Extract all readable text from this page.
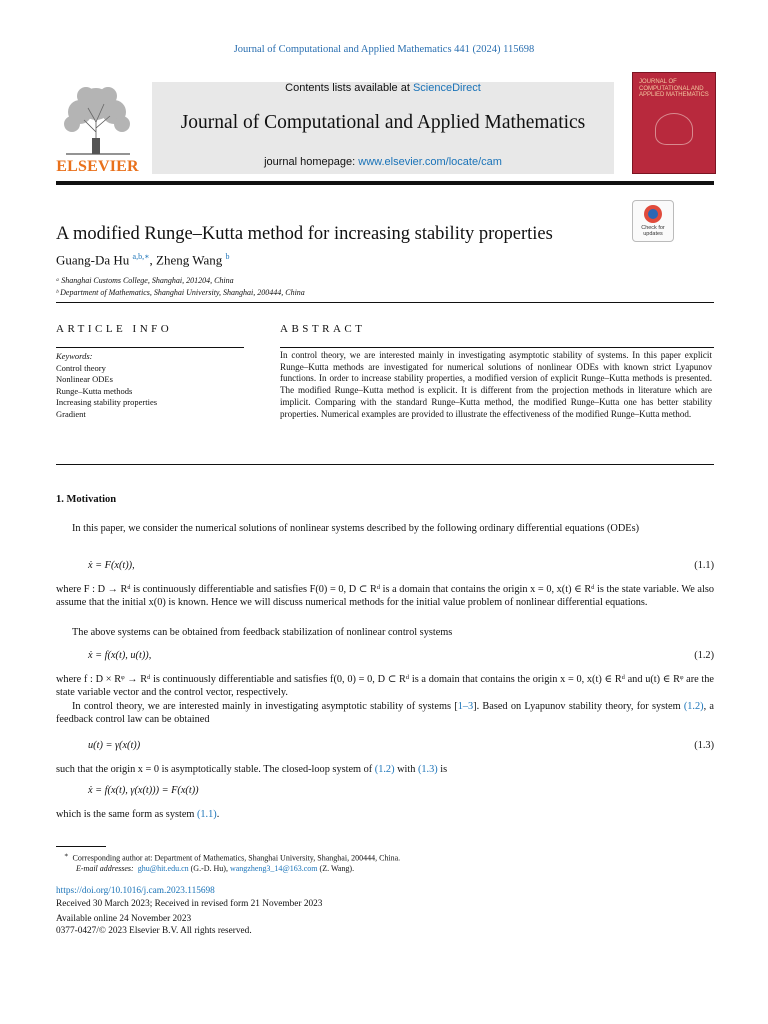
Journal of Computational and Applied Mathematics 441 (2024) 115698
ELSEVIER
Contents lists available at ScienceDirect
Journal of Computational and Applied Mathematics
journal homepage: www.elsevier.com/locate/cam
JOURNAL OF COMPUTATIONAL AND APPLIED MATHEMATICS
A modified Runge–Kutta method for increasing stability properties	Check for updates
Guang-Da Hu $^{a,b,∗}$, Zheng Wang $^b$
ᵃ Shanghai Customs College, Shanghai, 201204, China
ᵇ Department of Mathematics, Shanghai University, Shanghai, 200444, China
ARTICLE INFO
Keywords:
Control theory
Nonlinear ODEs
Runge–Kutta methods
Increasing stability properties
Gradient
ABSTRACT
In control theory, we are interested mainly in investigating asymptotic stability of systems. In this paper explicit Runge–Kutta methods are investigated for numerical solutions of nonlinear ODEs with known strict Lyapunov functions. In order to increase stability properties, a modified version of explicit Runge–Kutta methods is presented. The modified Runge–Kutta method is explicit. It is different from the projection methods in literature which are implicit. Comparing with the standard Runge–Kutta method, the modified Runge–Kutta one has better stability properties. Numerical examples are provided to illustrate the effectiveness of the modified Runge–Kutta method.
1. Motivation
In this paper, we consider the numerical solutions of nonlinear systems described by the following ordinary differential equations (ODEs)
ẋ = F(x(t)),	(1.1)
where F : D → Rᵈ is continuously differentiable and satisfies F(0) = 0, D ⊂ Rᵈ is a domain that contains the origin x = 0, x(t) ∈ Rᵈ is the state variable. We also assume that the initial x(0) is known. Hence we will discuss numerical methods for the initial value problem of nonlinear differential equations.
The above systems can be obtained from feedback stabilization of nonlinear control systems
ẋ = f(x(t), u(t)),	(1.2)
where f : D × Rᵠ → Rᵈ is continuously differentiable and satisfies f(0, 0) = 0, D ⊂ Rᵈ is a domain that contains the origin x = 0, x(t) ∈ Rᵈ and u(t) ∈ Rᵠ are the state variable vector and the control vector, respectively.
In control theory, we are interested mainly in investigating asymptotic stability of systems [1–3]. Based on Lyapunov stability theory, for system (1.2), a feedback control law can be obtained
u(t) = γ(x(t))	(1.3)
such that the origin x = 0 is asymptotically stable. The closed-loop system of (1.2) with (1.3) is
ẋ = f(x(t), γ(x(t))) = F(x(t))
which is the same form as system (1.1).
∗ Corresponding author at: Department of Mathematics, Shanghai University, Shanghai, 200444, China.
E-mail addresses: ghu@hit.edu.cn (G.-D. Hu), wangzheng3_14@163.com (Z. Wang).
https://doi.org/10.1016/j.cam.2023.115698
Received 30 March 2023; Received in revised form 21 November 2023
Available online 24 November 2023
0377-0427/© 2023 Elsevier B.V. All rights reserved.
